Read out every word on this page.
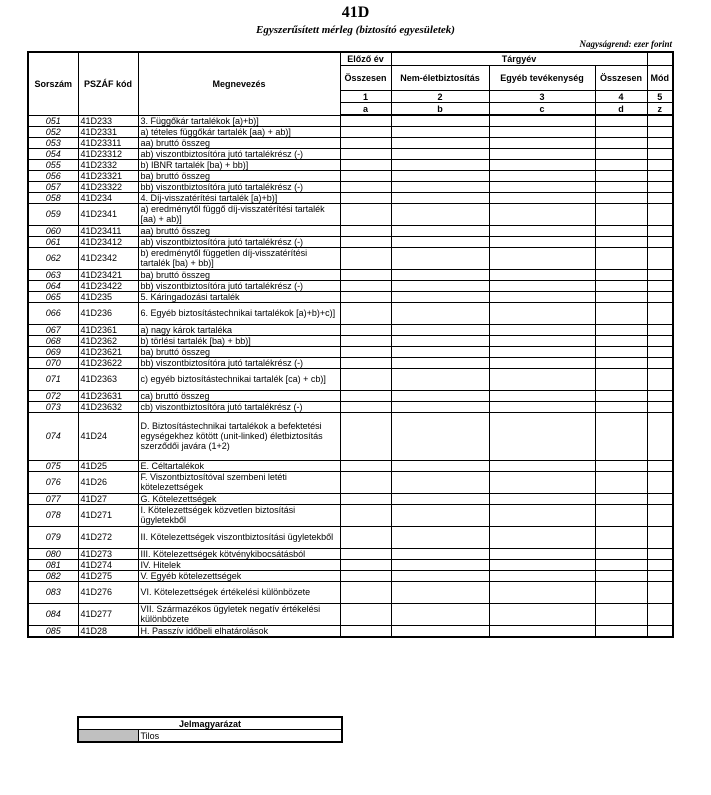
41D
Egyszerűsített mérleg (biztosító egyesületek)
Nagyságrend: ezer forint
Sorszám	PSZÁF kód	Megnevezés	Előző év	Tárgyév			
			Összesen	Nem-életbiztosítás	Egyéb tevékenység	Összesen	Mód
			1	2	3	4	5
			a	b	c	d	z
051	41D233	3. Függőkár tartalékok [a)+b)]					
052	41D2331	a) tételes függőkár tartalék [aa) + ab)]					
053	41D23311	aa) bruttó összeg					
054	41D23312	ab) viszontbiztosítóra jutó tartalékrész (-)					
055	41D2332	b) IBNR tartalék [ba) + bb)]					
056	41D23321	ba) bruttó összeg					
057	41D23322	bb) viszontbiztosítóra jutó tartalékrész (-)					
058	41D234	4. Díj-visszatérítési tartalék [a)+b)]					
059	41D2341	a) eredménytől függő díj-visszatérítési tartalék [aa) + ab)]					
060	41D23411	aa) bruttó összeg					
061	41D23412	ab) viszontbiztosítóra jutó tartalékrész (-)					
062	41D2342	b) eredménytől független díj-visszatérítési tartalék [ba) + bb)]					
063	41D23421	ba) bruttó összeg					
064	41D23422	bb) viszontbiztosítóra jutó tartalékrész (-)					
065	41D235	5. Káringadozási tartalék					
066	41D236	6. Egyéb biztosítástechnikai tartalékok [a)+b)+c)]					
067	41D2361	a) nagy károk tartaléka					
068	41D2362	b) törlési tartalék [ba) + bb)]					
069	41D23621	ba) bruttó összeg					
070	41D23622	bb) viszontbiztosítóra jutó tartalékrész (-)					
071	41D2363	c) egyéb biztosítástechnikai tartalék [ca) + cb)]					
072	41D23631	ca) bruttó összeg					
073	41D23632	cb) viszontbiztosítóra jutó tartalékrész (-)					
074	41D24	D. Biztosítástechnikai tartalékok a befektetési egységekhez kötött (unit-linked) életbiztosítás szerződői javára (1+2)					
075	41D25	E. Céltartalékok					
076	41D26	F. Viszontbiztosítóval szembeni letéti kötelezettségek					
077	41D27	G. Kötelezettségek					
078	41D271	I. Kötelezettségek közvetlen biztosítási ügyletekből					
079	41D272	II. Kötelezettségek viszontbiztosítási ügyletekből					
080	41D273	III. Kötelezettségek kötvénykibocsátásból					
081	41D274	IV. Hitelek					
082	41D275	V. Egyéb kötelezettségek					
083	41D276	VI. Kötelezettségek értékelési különbözete					
084	41D277	VII. Származékos ügyletek negatív értékelési különbözete					
085	41D28	H. Passzív időbeli elhatárolások					
Jelmagyarázat
	Tilos
